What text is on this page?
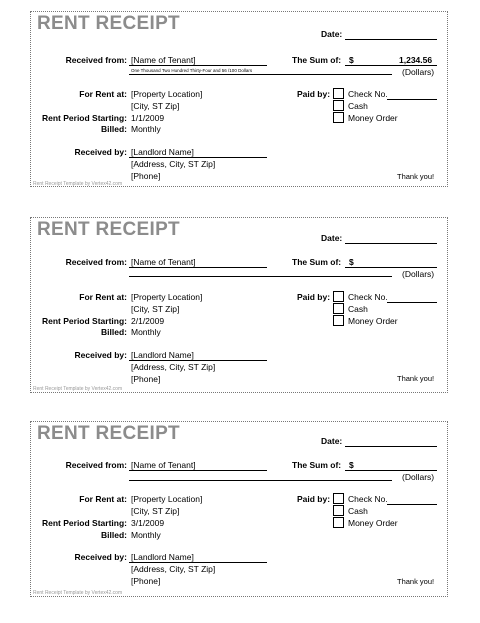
RENT RECEIPT	Date:
Received from: [Name of Tenant]
One Thousand Two Hundred Thirty-Four and 56 /100 Dollars
The Sum of: $	1,234.56
(Dollars)
For Rent at: [Property Location]
[City, ST Zip]
Rent Period Starting: 1/1/2009
Billed: Monthly
Paid by: Check No.
Cash
Money Order
Received by: [Landlord Name]
[Address, City, ST Zip]
[Phone]	Thank you!
Rent Receipt Template by Vertex42.com
RENT RECEIPT	Date:
Received from: [Name of Tenant]	The Sum of: $
(Dollars)
For Rent at: [Property Location]
[City, ST Zip]
Rent Period Starting: 2/1/2009
Billed: Monthly
Paid by: Check No.
Cash
Money Order
Received by: [Landlord Name]
[Address, City, ST Zip]
[Phone]	Thank you!
Rent Receipt Template by Vertex42.com
RENT RECEIPT	Date:
Received from: [Name of Tenant]	The Sum of: $
(Dollars)
For Rent at: [Property Location]
[City, ST Zip]
Rent Period Starting: 3/1/2009
Billed: Monthly
Paid by: Check No.
Cash
Money Order
Received by: [Landlord Name]
[Address, City, ST Zip]
[Phone]	Thank you!
Rent Receipt Template by Vertex42.com
